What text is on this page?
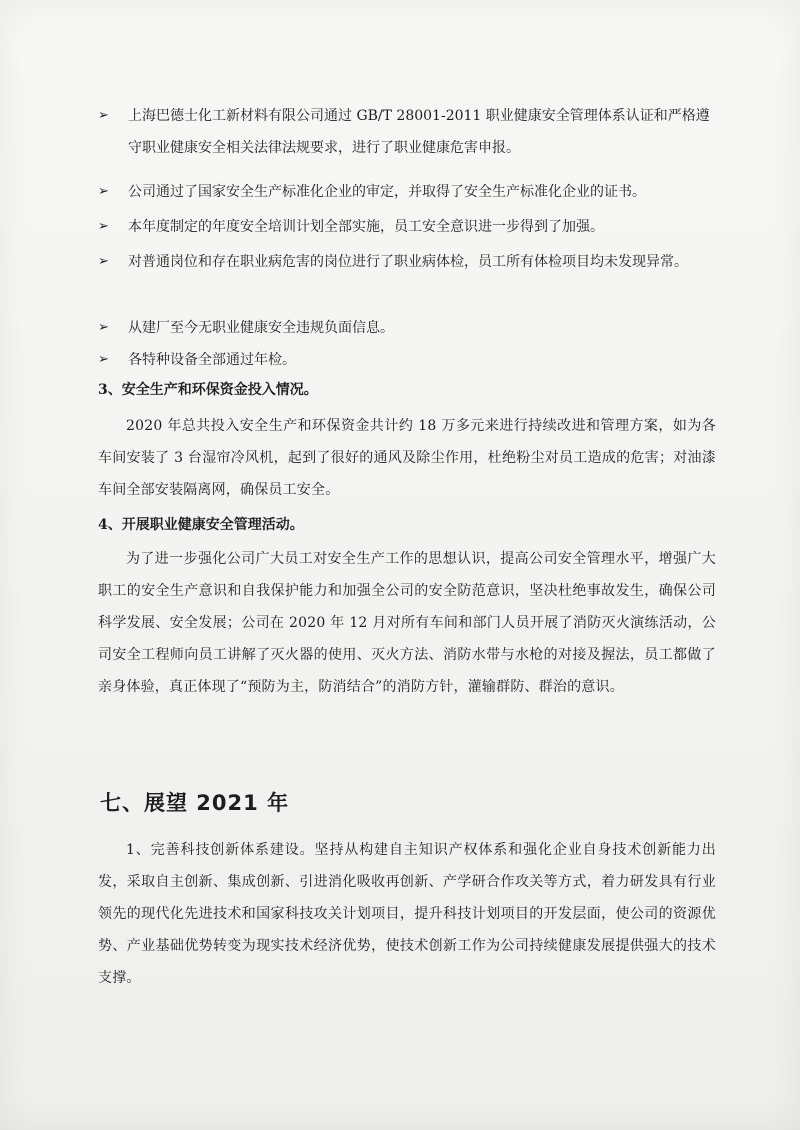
➢	上海巴德士化工新材料有限公司通过 GB/T 28001-2011 职业健康安全管理体系认证和严格遵守职业健康安全相关法律法规要求，进行了职业健康危害申报。
➢	公司通过了国家安全生产标准化企业的审定，并取得了安全生产标准化企业的证书。
➢	本年度制定的年度安全培训计划全部实施，员工安全意识进一步得到了加强。
➢	对普通岗位和存在职业病危害的岗位进行了职业病体检，员工所有体检项目均未发现异常。
➢	从建厂至今无职业健康安全违规负面信息。
➢	各特种设备全部通过年检。
3、安全生产和环保资金投入情况。
2020 年总共投入安全生产和环保资金共计约 18 万多元来进行持续改进和管理方案，如为各车间安装了 3 台湿帘冷风机，起到了很好的通风及除尘作用，杜绝粉尘对员工造成的危害；对油漆车间全部安装隔离网，确保员工安全。
4、开展职业健康安全管理活动。
为了进一步强化公司广大员工对安全生产工作的思想认识，提高公司安全管理水平，增强广大职工的安全生产意识和自我保护能力和加强全公司的安全防范意识，坚决杜绝事故发生，确保公司科学发展、安全发展；公司在 2020 年 12 月对所有车间和部门人员开展了消防灭火演练活动，公司安全工程师向员工讲解了灭火器的使用、灭火方法、消防水带与水枪的对接及握法，员工都做了亲身体验，真正体现了“预防为主，防消结合”的消防方针，灌输群防、群治的意识。
七、展望 2021 年
1、完善科技创新体系建设。坚持从构建自主知识产权体系和强化企业自身技术创新能力出发，采取自主创新、集成创新、引进消化吸收再创新、产学研合作攻关等方式，着力研发具有行业领先的现代化先进技术和国家科技攻关计划项目，提升科技计划项目的开发层面，使公司的资源优势、产业基础优势转变为现实技术经济优势，使技术创新工作为公司持续健康发展提供强大的技术支撑。
